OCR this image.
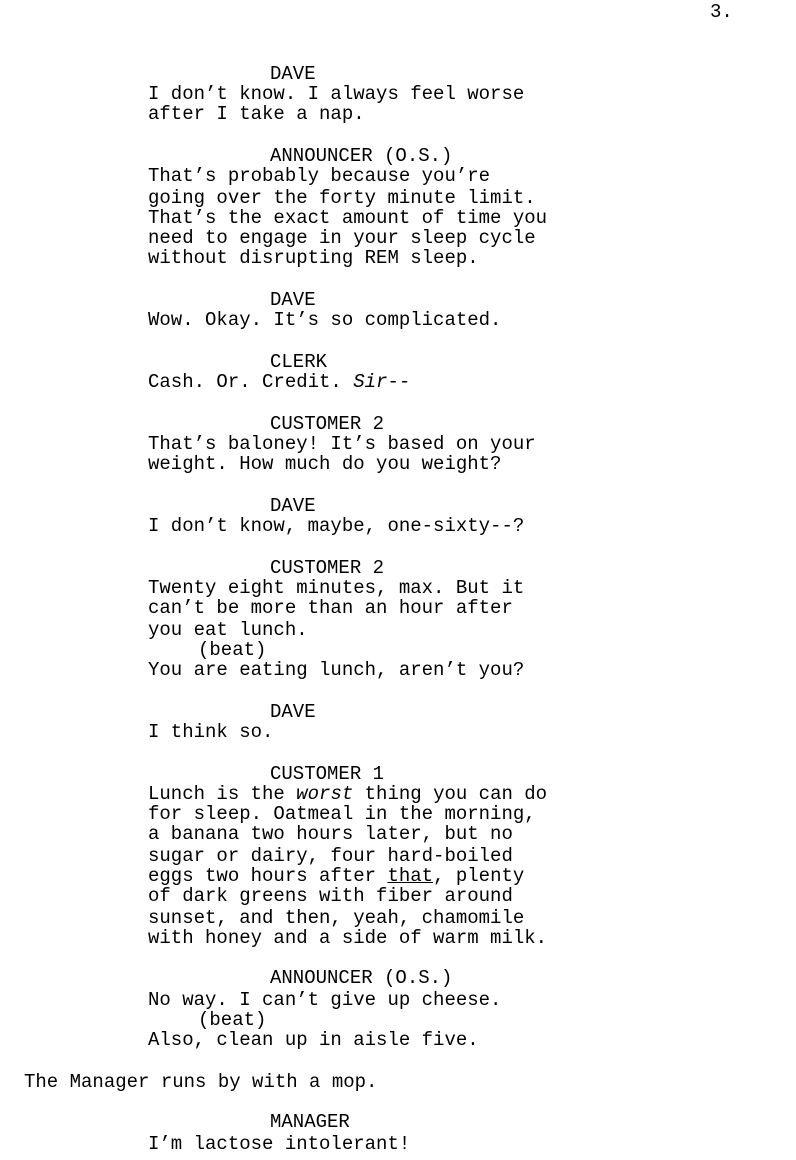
3.
DAVE
I don’t know. I always feel worse
after I take a nap.
ANNOUNCER (O.S.)
That’s probably because you’re
going over the forty minute limit.
That’s the exact amount of time you
need to engage in your sleep cycle
without disrupting REM sleep.
DAVE
Wow. Okay. It’s so complicated.
CLERK
Cash. Or. Credit. Sir--
CUSTOMER 2
That’s baloney! It’s based on your
weight. How much do you weight?
DAVE
I don’t know, maybe, one-sixty--?
CUSTOMER 2
Twenty eight minutes, max. But it
can’t be more than an hour after
you eat lunch.
(beat)
You are eating lunch, aren’t you?
DAVE
I think so.
CUSTOMER 1
Lunch is the worst thing you can do
for sleep. Oatmeal in the morning,
a banana two hours later, but no
sugar or dairy, four hard-boiled
eggs two hours after that, plenty
of dark greens with fiber around
sunset, and then, yeah, chamomile
with honey and a side of warm milk.
ANNOUNCER (O.S.)
No way. I can’t give up cheese.
(beat)
Also, clean up in aisle five.
The Manager runs by with a mop.
MANAGER
I’m lactose intolerant!
